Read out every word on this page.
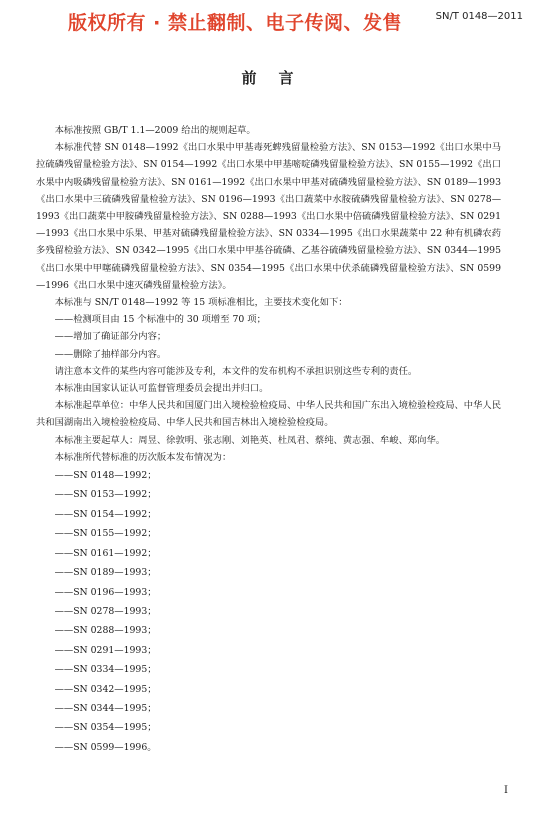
版权所有 · 禁止翻制、电子传阅、发售	SN/T 0148—2011
前言

本标准按照 GB/T 1.1—2009 给出的规则起草。

本标准代替 SN 0148—1992《出口水果中甲基毒死蜱残留量检验方法》、SN 0153—1992《出口水果中马拉硫磷残留量检验方法》、SN 0154—1992《出口水果中甲基嘧啶磷残留量检验方法》、SN 0155—1992《出口水果中内吸磷残留量检验方法》、SN 0161—1992《出口水果中甲基对硫磷残留量检验方法》、SN 0189—1993《出口水果中三硫磷残留量检验方法》、SN 0196—1993《出口蔬菜中水胺硫磷残留量检验方法》、SN 0278—1993《出口蔬菜中甲胺磷残留量检验方法》、SN 0288—1993《出口水果中倍硫磷残留量检验方法》、SN 0291—1993《出口水果中乐果、甲基对硫磷残留量检验方法》、SN 0334—1995《出口水果蔬菜中 22 种有机磷农药多残留检验方法》、SN 0342—1995《出口水果中甲基谷硫磷、乙基谷硫磷残留量检验方法》、SN 0344—1995《出口水果中甲噻硫磷残留量检验方法》、SN 0354—1995《出口水果中伏杀硫磷残留量检验方法》、SN 0599—1996《出口水果中速灭磷残留量检验方法》。

本标准与 SN/T 0148—1992 等 15 项标准相比，主要技术变化如下：

——检测项目由 15 个标准中的 30 项增至 70 项；

——增加了确证部分内容；

——删除了抽样部分内容。

请注意本文件的某些内容可能涉及专利，本文件的发布机构不承担识别这些专利的责任。

本标准由国家认证认可监督管理委员会提出并归口。

本标准起草单位：中华人民共和国厦门出入境检验检疫局、中华人民共和国广东出入境检验检疫局、中华人民共和国湖南出入境检验检疫局、中华人民共和国吉林出入境检验检疫局。

本标准主要起草人：周昱、徐敦明、张志刚、刘艳英、杜凤君、蔡纯、黄志强、牟峻、郑向华。

本标准所代替标准的历次版本发布情况为：

——SN 0148—1992；

——SN 0153—1992；

——SN 0154—1992；

——SN 0155—1992；

——SN 0161—1992；

——SN 0189—1993；

——SN 0196—1993；

——SN 0278—1993；

——SN 0288—1993；

——SN 0291—1993；

——SN 0334—1995；

——SN 0342—1995；

——SN 0344—1995；

——SN 0354—1995；

——SN 0599—1996。

I
